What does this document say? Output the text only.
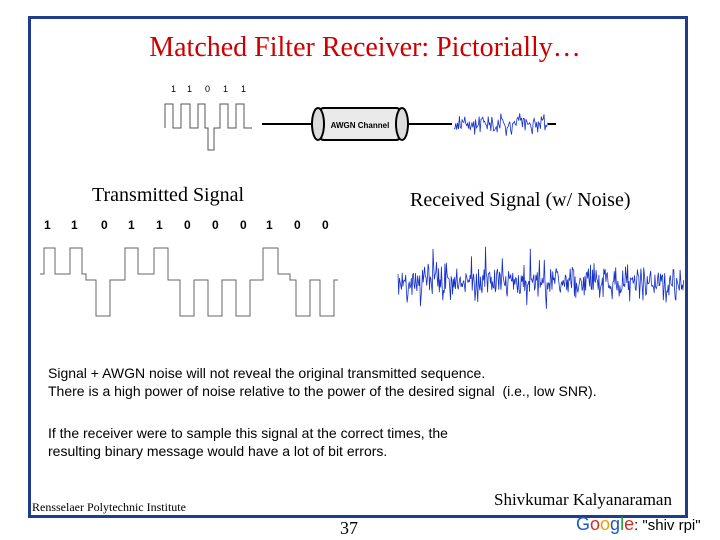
Matched Filter Receiver: Pictorially…
AWGN Channel
1 1 0 1 1
Transmitted Signal	Received Signal (w/ Noise)
1 1 0 1 1 0 0 0 1 0 0
Signal + AWGN noise will not reveal the original transmitted sequence.
There is a high power of noise relative to the power of the desired signal  (i.e., low SNR).
If the receiver were to sample this signal at the correct times, the
resulting binary message would have a lot of bit errors.
Rensselaer Polytechnic Institute	Shivkumar Kalyanaraman
37	Google: "shiv rpi"
